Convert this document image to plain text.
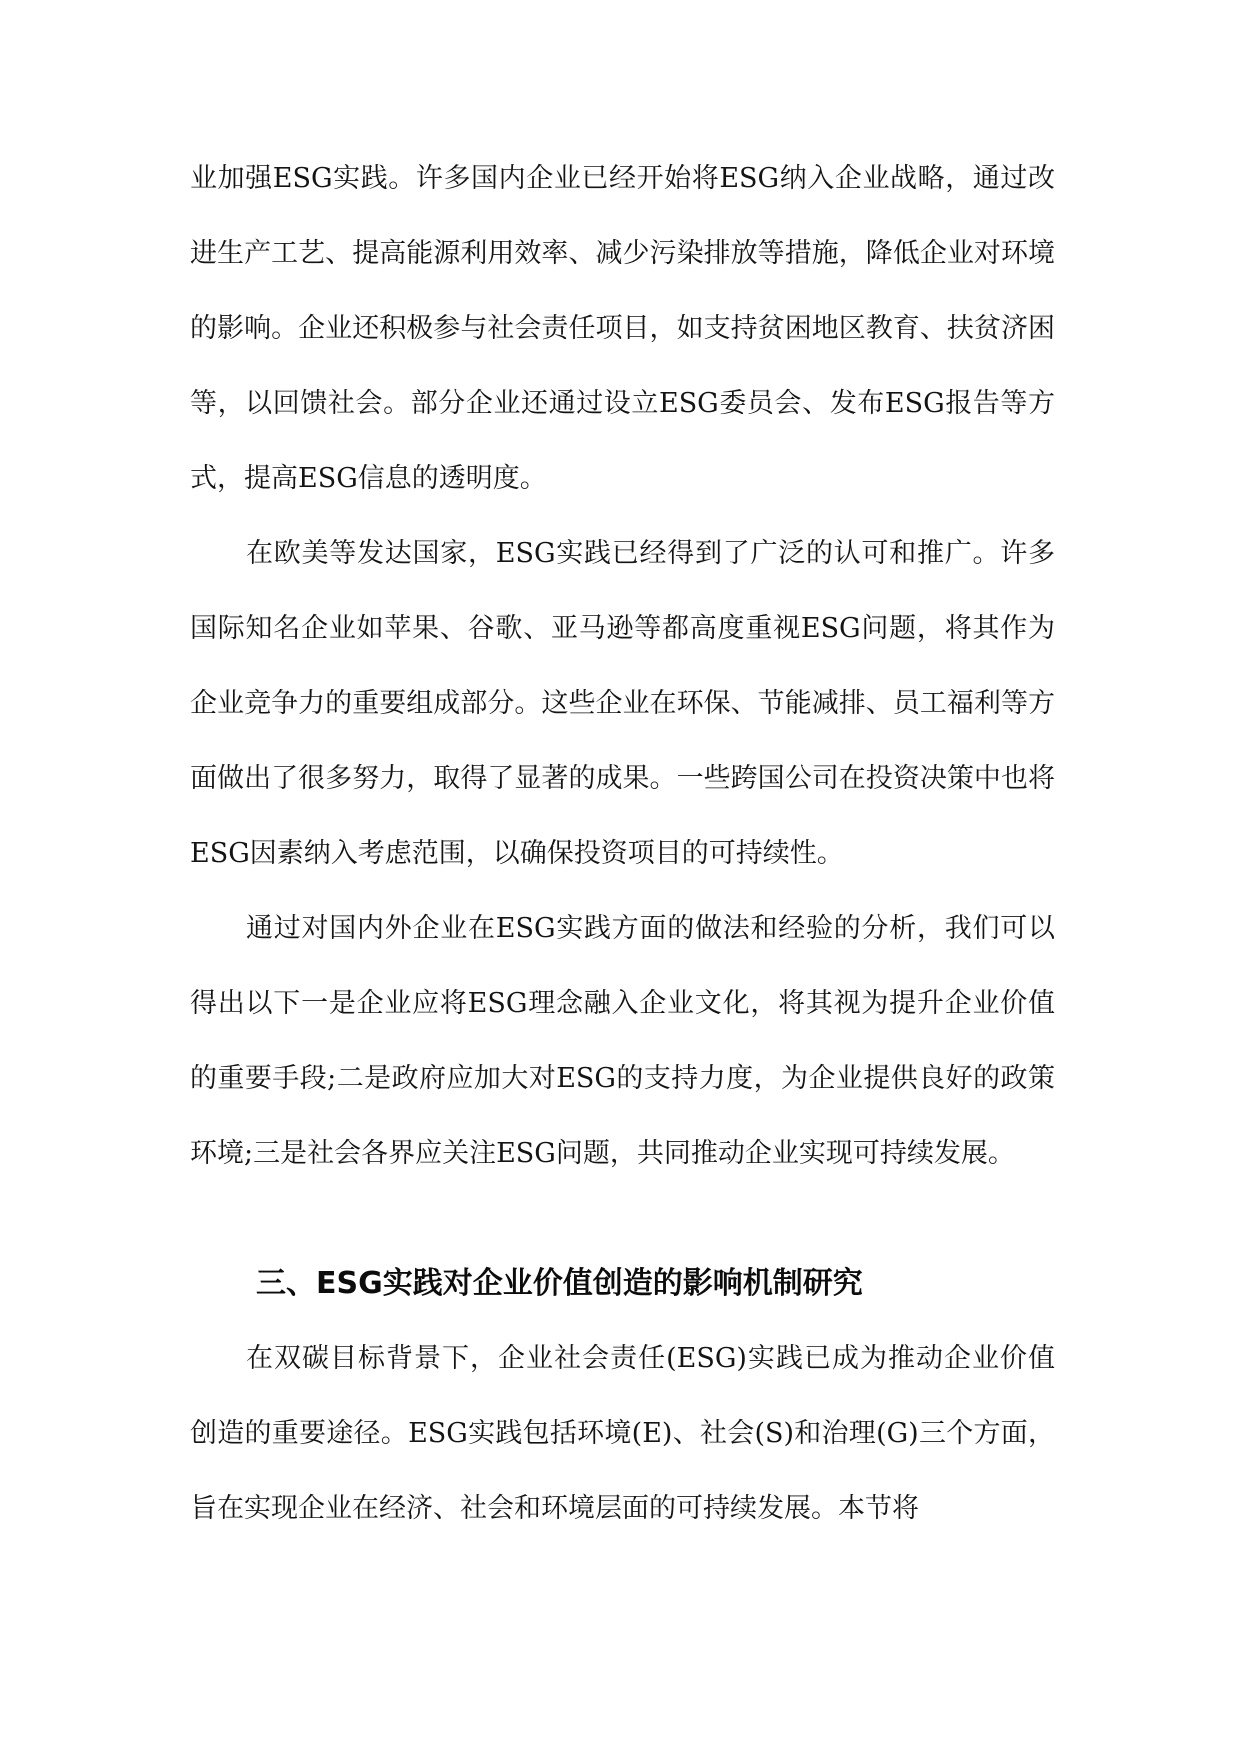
业加强ESG实践。许多国内企业已经开始将ESG纳入企业战略，通过改进生产工艺、提高能源利用效率、减少污染排放等措施，降低企业对环境的影响。企业还积极参与社会责任项目，如支持贫困地区教育、扶贫济困等，以回馈社会。部分企业还通过设立ESG委员会、发布ESG报告等方式，提高ESG信息的透明度。

在欧美等发达国家，ESG实践已经得到了广泛的认可和推广。许多国际知名企业如苹果、谷歌、亚马逊等都高度重视ESG问题，将其作为企业竞争力的重要组成部分。这些企业在环保、节能减排、员工福利等方面做出了很多努力，取得了显著的成果。一些跨国公司在投资决策中也将ESG因素纳入考虑范围，以确保投资项目的可持续性。

通过对国内外企业在ESG实践方面的做法和经验的分析，我们可以得出以下一是企业应将ESG理念融入企业文化，将其视为提升企业价值的重要手段;二是政府应加大对ESG的支持力度，为企业提供良好的政策环境;三是社会各界应关注ESG问题，共同推动企业实现可持续发展。

三、ESG实践对企业价值创造的影响机制研究

在双碳目标背景下，企业社会责任(ESG)实践已成为推动企业价值创造的重要途径。ESG实践包括环境(E)、社会(S)和治理(G)三个方面，旨在实现企业在经济、社会和环境层面的可持续发展。本节将
